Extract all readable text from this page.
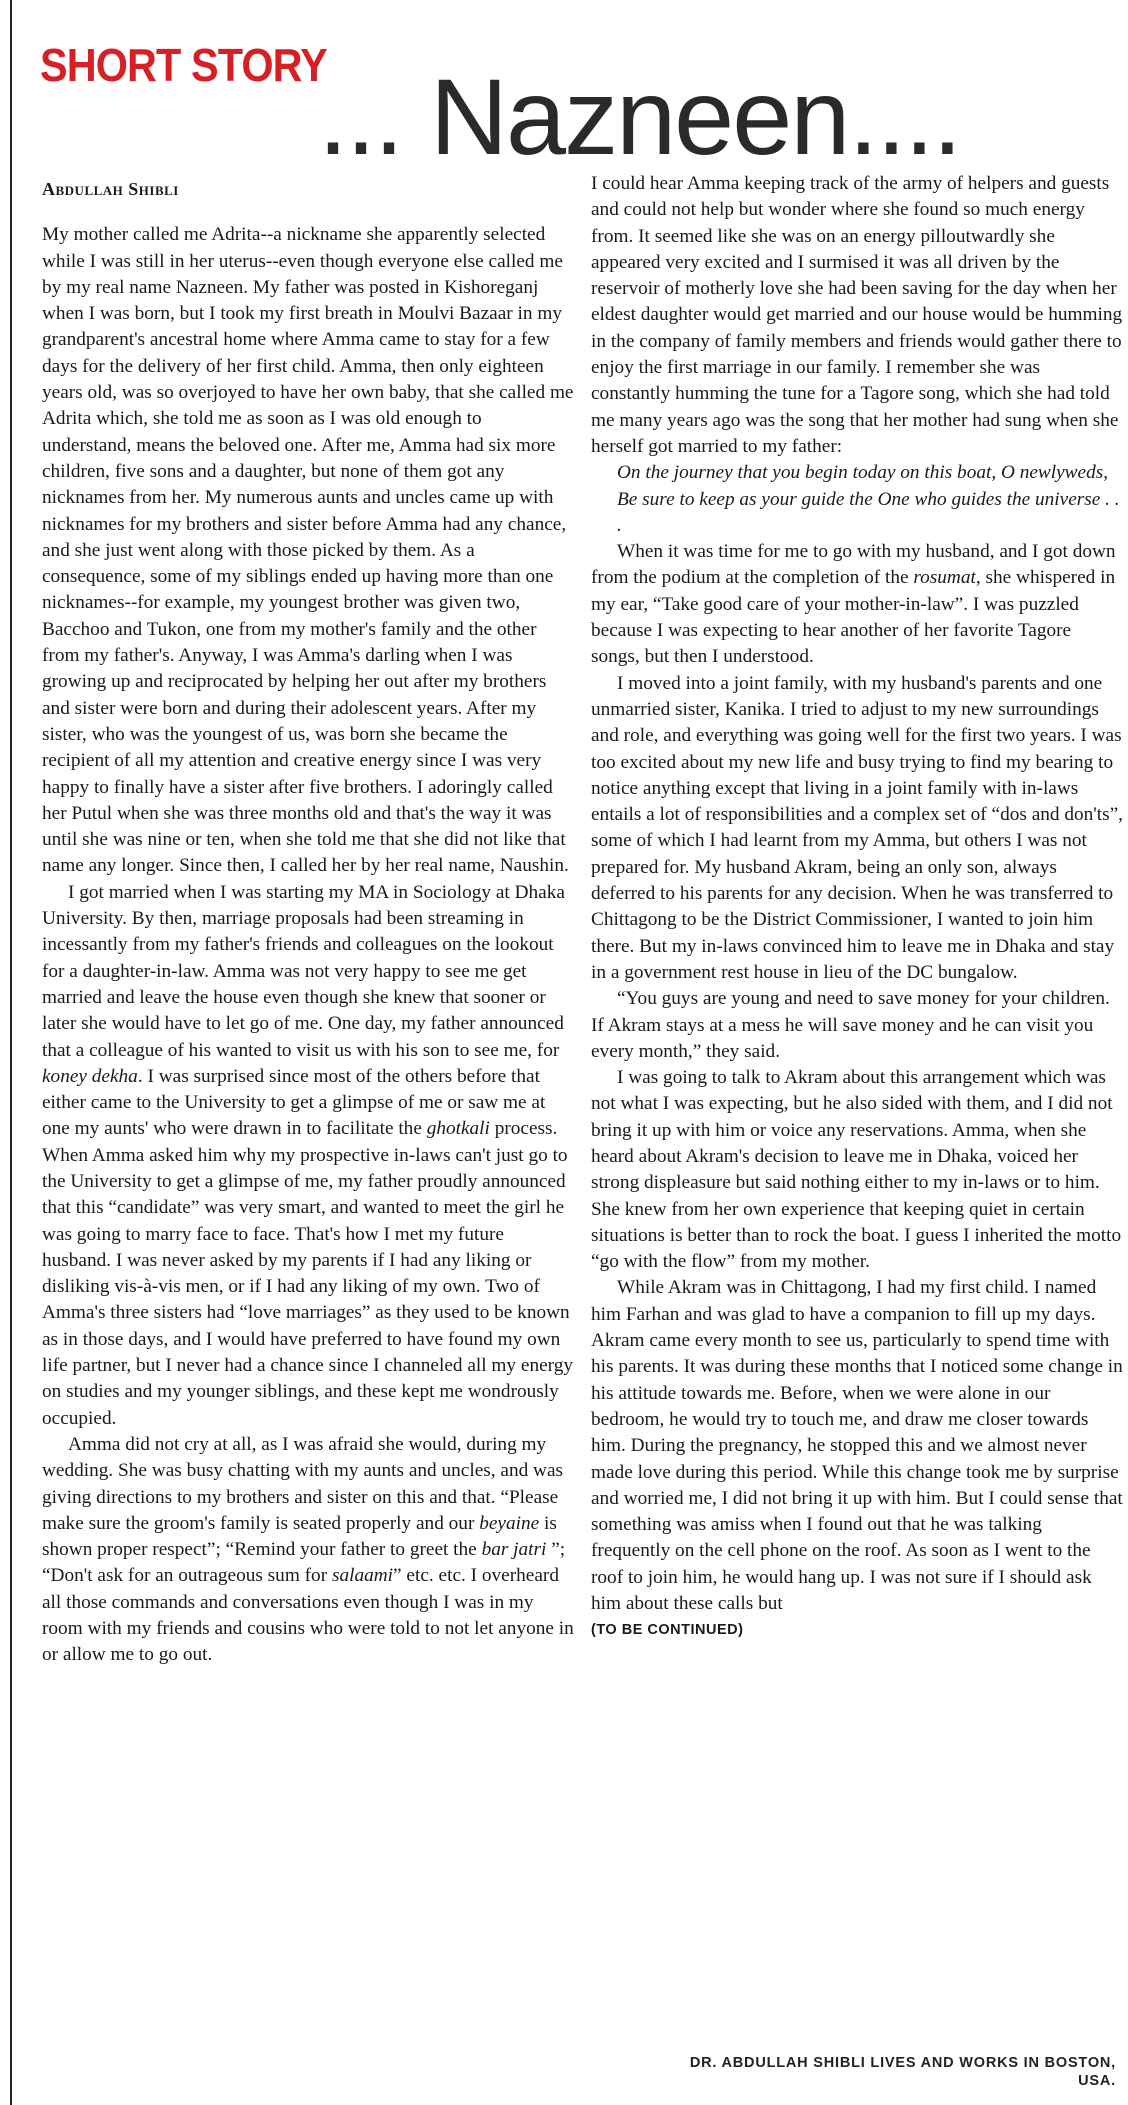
SHORT STORY
... Nazneen....
Abdullah Shibli

My mother called me Adrita--a nickname she apparently selected while I was still in her uterus--even though everyone else called me by my real name Nazneen. My father was posted in Kishoreganj when I was born, but I took my first breath in Moulvi Bazaar in my grandparent's ancestral home where Amma came to stay for a few days for the delivery of her first child. Amma, then only eighteen years old, was so overjoyed to have her own baby, that she called me Adrita which, she told me as soon as I was old enough to understand, means the beloved one. After me, Amma had six more children, five sons and a daughter, but none of them got any nicknames from her. My numerous aunts and uncles came up with nicknames for my brothers and sister before Amma had any chance, and she just went along with those picked by them. As a consequence, some of my siblings ended up having more than one nicknames--for example, my youngest brother was given two, Bacchoo and Tukon, one from my mother's family and the other from my father's. Anyway, I was Amma's darling when I was growing up and reciprocated by helping her out after my brothers and sister were born and during their adolescent years. After my sister, who was the youngest of us, was born she became the recipient of all my attention and creative energy since I was very happy to finally have a sister after five brothers. I adoringly called her Putul when she was three months old and that's the way it was until she was nine or ten, when she told me that she did not like that name any longer. Since then, I called her by her real name, Naushin.

I got married when I was starting my MA in Sociology at Dhaka University. By then, marriage proposals had been streaming in incessantly from my father's friends and colleagues on the lookout for a daughter-in-law. Amma was not very happy to see me get married and leave the house even though she knew that sooner or later she would have to let go of me. One day, my father announced that a colleague of his wanted to visit us with his son to see me, for koney dekha. I was surprised since most of the others before that either came to the University to get a glimpse of me or saw me at one my aunts' who were drawn in to facilitate the ghotkali process. When Amma asked him why my prospective in-laws can't just go to the University to get a glimpse of me, my father proudly announced that this “candidate” was very smart, and wanted to meet the girl he was going to marry face to face. That's how I met my future husband. I was never asked by my parents if I had any liking or disliking vis-à-vis men, or if I had any liking of my own. Two of Amma's three sisters had “love marriages” as they used to be known as in those days, and I would have preferred to have found my own life partner, but I never had a chance since I channeled all my energy on studies and my younger siblings, and these kept me wondrously occupied.

Amma did not cry at all, as I was afraid she would, during my wedding. She was busy chatting with my aunts and uncles, and was giving directions to my brothers and sister on this and that. “Please make sure the groom's family is seated properly and our beyaine is shown proper respect”; “Remind your father to greet the bar jatri ”; “Don't ask for an outrageous sum for salaami” etc. etc. I overheard all those commands and conversations even though I was in my room with my friends and cousins who were told to not let anyone in or allow me to go out.

I could hear Amma keeping track of the army of helpers and guests and could not help but wonder where she found so much energy from. It seemed like she was on an energy pilloutwardly she appeared very excited and I surmised it was all driven by the reservoir of motherly love she had been saving for the day when her eldest daughter would get married and our house would be humming in the company of family members and friends would gather there to enjoy the first marriage in our family. I remember she was constantly humming the tune for a Tagore song, which she had told me many years ago was the song that her mother had sung when she herself got married to my father:

On the journey that you begin today on this boat, O newlyweds, Be sure to keep as your guide the One who guides the universe . . .

When it was time for me to go with my husband, and I got down from the podium at the completion of the rosumat, she whispered in my ear, “Take good care of your mother-in-law”. I was puzzled because I was expecting to hear another of her favorite Tagore songs, but then I understood.

I moved into a joint family, with my husband's parents and one unmarried sister, Kanika. I tried to adjust to my new surroundings and role, and everything was going well for the first two years. I was too excited about my new life and busy trying to find my bearing to notice anything except that living in a joint family with in-laws entails a lot of responsibilities and a complex set of “dos and don'ts”, some of which I had learnt from my Amma, but others I was not prepared for. My husband Akram, being an only son, always deferred to his parents for any decision. When he was transferred to Chittagong to be the District Commissioner, I wanted to join him there. But my in-laws convinced him to leave me in Dhaka and stay in a government rest house in lieu of the DC bungalow.

“You guys are young and need to save money for your children. If Akram stays at a mess he will save money and he can visit you every month,” they said.

I was going to talk to Akram about this arrangement which was not what I was expecting, but he also sided with them, and I did not bring it up with him or voice any reservations. Amma, when she heard about Akram's decision to leave me in Dhaka, voiced her strong displeasure but said nothing either to my in-laws or to him. She knew from her own experience that keeping quiet in certain situations is better than to rock the boat. I guess I inherited the motto “go with the flow” from my mother.

While Akram was in Chittagong, I had my first child. I named him Farhan and was glad to have a companion to fill up my days. Akram came every month to see us, particularly to spend time with his parents. It was during these months that I noticed some change in his attitude towards me. Before, when we were alone in our bedroom, he would try to touch me, and draw me closer towards him. During the pregnancy, he stopped this and we almost never made love during this period. While this change took me by surprise and worried me, I did not bring it up with him. But I could sense that something was amiss when I found out that he was talking frequently on the cell phone on the roof. As soon as I went to the roof to join him, he would hang up. I was not sure if I should ask him about these calls but

(TO BE CONTINUED)
DR. ABDULLAH SHIBLI LIVES AND WORKS IN BOSTON,
USA.
